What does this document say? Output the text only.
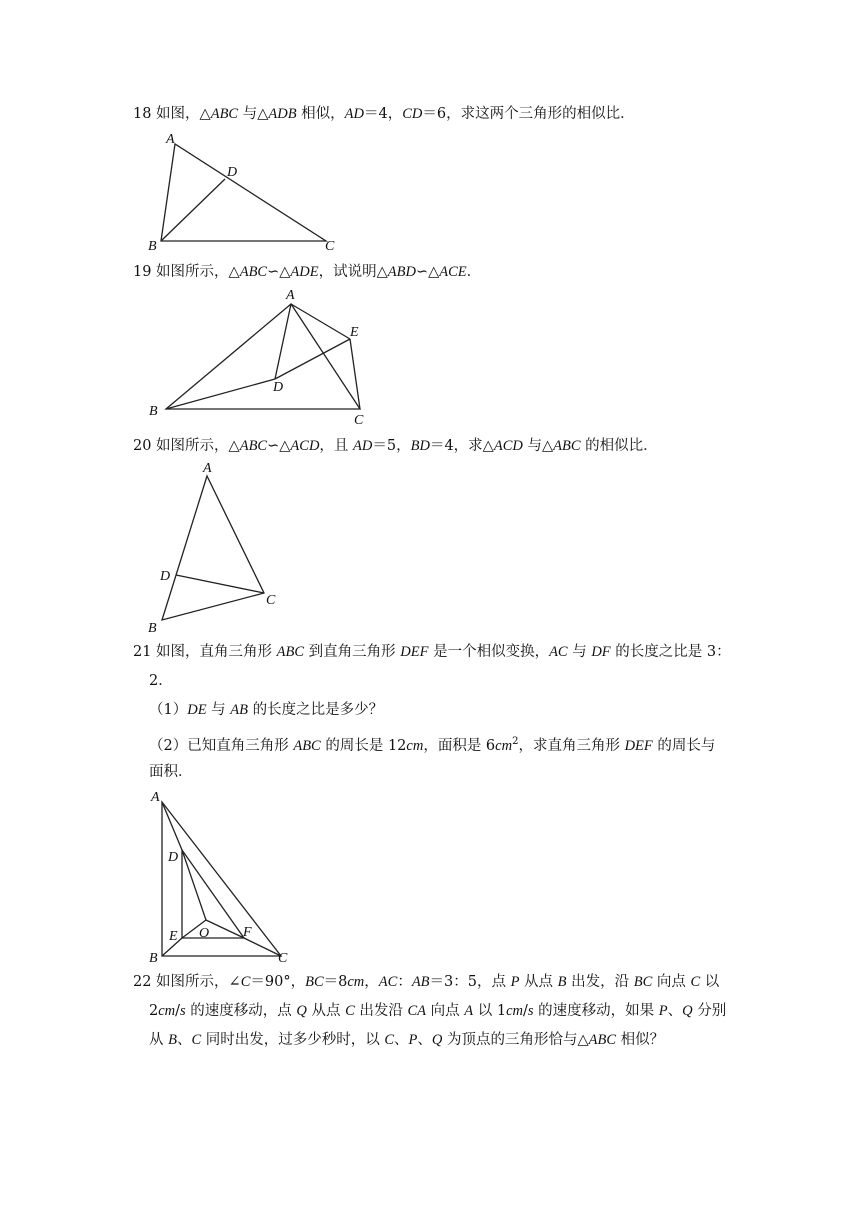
18 如图，△ABC 与△ADB 相似，AD＝4，CD＝6，求这两个三角形的相似比．
A
D
B	C
19 如图所示，△ABC∽△ADE，试说明△ABD∽△ACE．
A
E
D
B
C
20 如图所示，△ABC∽△ACD，且 AD＝5，BD＝4，求△ACD 与△ABC 的相似比．
A
D
C
B
21 如图，直角三角形 ABC 到直角三角形 DEF 是一个相似变换，AC 与 DF 的长度之比是 3：
2．
（1）DE 与 AB 的长度之比是多少？
（2）已知直角三角形 ABC 的周长是 12cm，面积是 $6cm^2$，求直角三角形 DEF 的周长与
面积．
A
D
E O F
B	C
22 如图所示，∠C＝90°，BC＝8cm，AC：AB＝3：5，点 P 从点 B 出发，沿 BC 向点 C 以
2cm/s 的速度移动，点 Q 从点 C 出发沿 CA 向点 A 以 1cm/s 的速度移动，如果 P、Q 分别
从 B、C 同时出发，过多少秒时，以 C、P、Q 为顶点的三角形恰与△ABC 相似？
